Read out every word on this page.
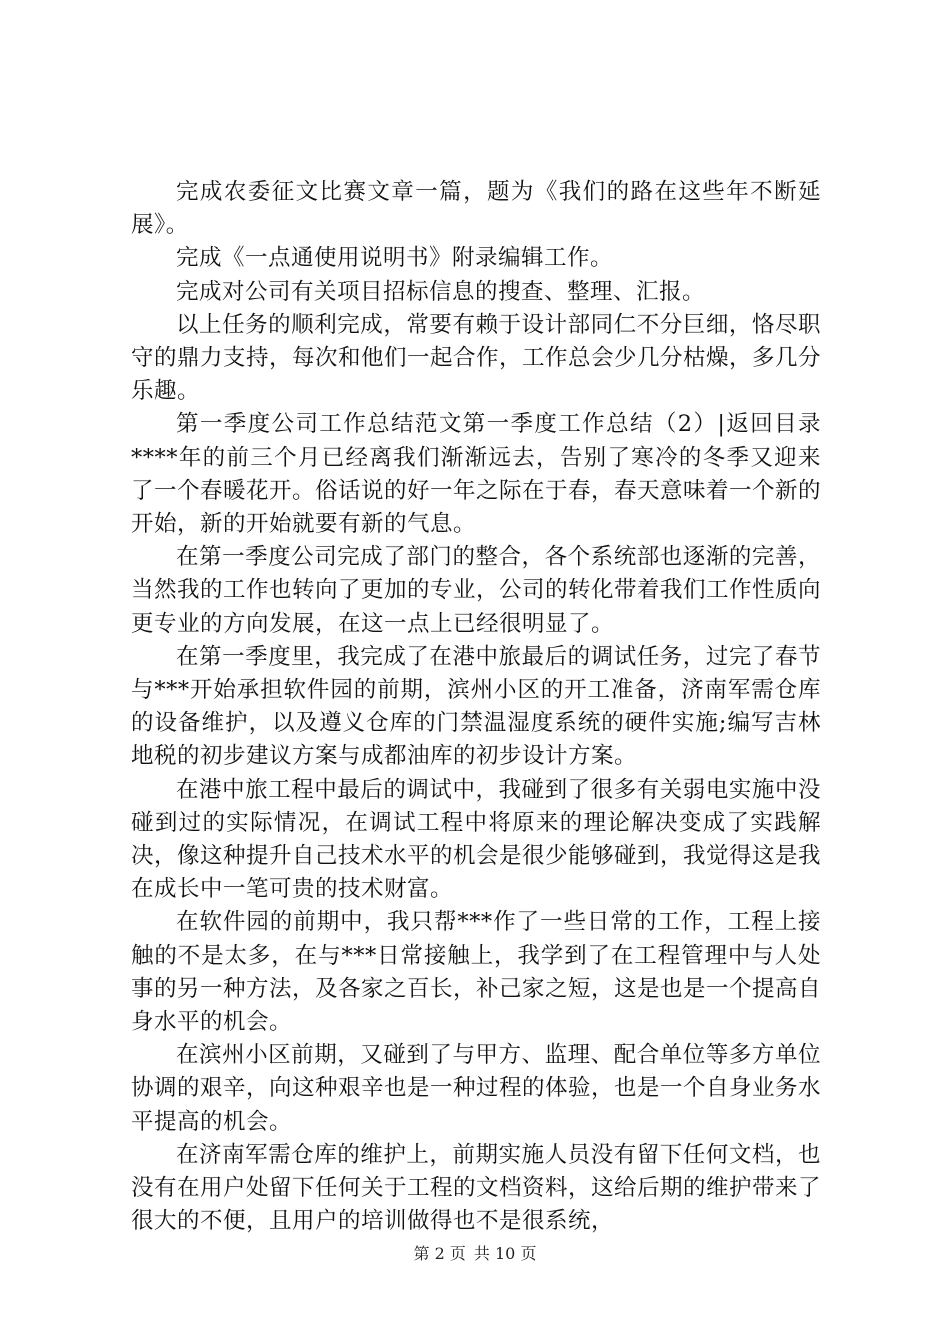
完成农委征文比赛文章一篇，题为《我们的路在这些年不断延展》。

完成《一点通使用说明书》附录编辑工作。

完成对公司有关项目招标信息的搜查、整理、汇报。

以上任务的顺利完成，常要有赖于设计部同仁不分巨细，恪尽职守的鼎力支持，每次和他们一起合作，工作总会少几分枯燥，多几分乐趣。

第一季度公司工作总结范文第一季度工作总结（2）|返回目录****年的前三个月已经离我们渐渐远去，告别了寒冷的冬季又迎来了一个春暖花开。俗话说的好一年之际在于春，春天意味着一个新的开始，新的开始就要有新的气息。

在第一季度公司完成了部门的整合，各个系统部也逐渐的完善，当然我的工作也转向了更加的专业，公司的转化带着我们工作性质向更专业的方向发展，在这一点上已经很明显了。

在第一季度里，我完成了在港中旅最后的调试任务，过完了春节与***开始承担软件园的前期，滨州小区的开工准备，济南军需仓库的设备维护，以及遵义仓库的门禁温湿度系统的硬件实施;编写吉林地税的初步建议方案与成都油库的初步设计方案。

在港中旅工程中最后的调试中，我碰到了很多有关弱电实施中没碰到过的实际情况，在调试工程中将原来的理论解决变成了实践解决，像这种提升自己技术水平的机会是很少能够碰到，我觉得这是我在成长中一笔可贵的技术财富。

在软件园的前期中，我只帮***作了一些日常的工作，工程上接触的不是太多，在与***日常接触上，我学到了在工程管理中与人处事的另一种方法，及各家之百长，补己家之短，这是也是一个提高自身水平的机会。

在滨州小区前期，又碰到了与甲方、监理、配合单位等多方单位协调的艰辛，向这种艰辛也是一种过程的体验，也是一个自身业务水平提高的机会。

在济南军需仓库的维护上，前期实施人员没有留下任何文档，也没有在用户处留下任何关于工程的文档资料，这给后期的维护带来了很大的不便，且用户的培训做得也不是很系统，

第 2 页 共 10 页
